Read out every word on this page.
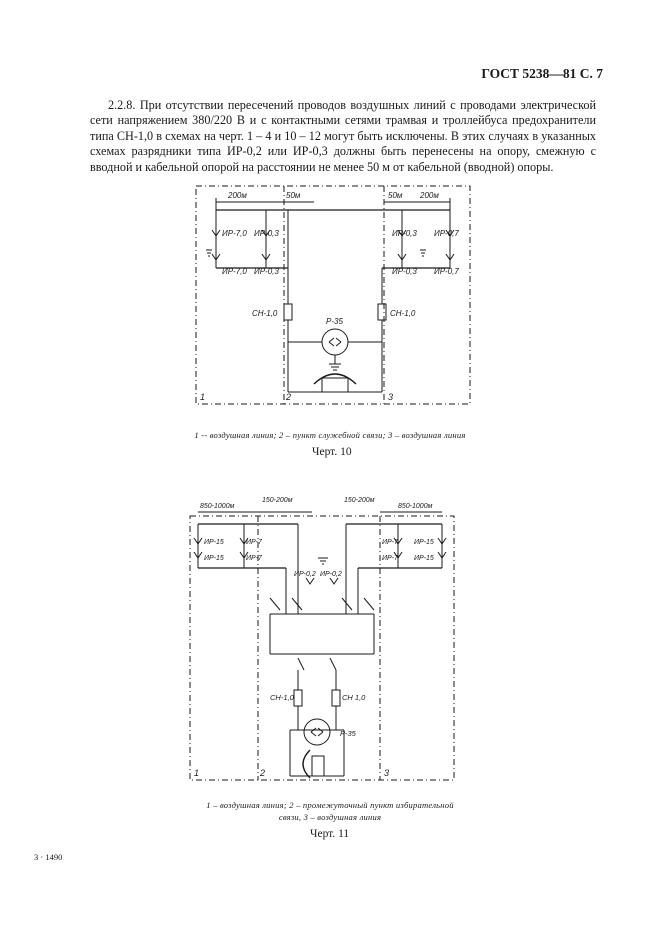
ГОСТ 5238—81 С. 7
2.2.8. При отсутствии пересечений проводов воздушных линий с проводами электрической сети напряжением 380/220 В и с контактными сетями трамвая и троллейбуса предохранители типа СН-1,0 в схемах на черт. 1 – 4 и 10 – 12 могут быть исключены. В этих случаях в указанных схемах разрядники типа ИР-0,2 или ИР-0,3 должны быть перенесены на опору, смежную с вводной и кабельной опорой на расстоянии не менее 50 м от кабельной (вводной) опоры.
200м	50м	50м 200м
ИР-7,0 ИР-0,3
ИР-7,0 ИР-0,3
ИР-0,3 ИР-0,7
ИР-0,3 ИР-0,7
СН-1,0	СН-1,0
Р-35
1	2	3
1 -- воздушная линия; 2 – пункт служебной связи; 3 – воздушная линия
Черт. 10
850-1000м
150-200м	150-200м
850-1000м
ИР-15
ИР-15
ИР-7
ИР-7
ИР-0,2 ИР-0,2
ИР-7
ИР-7
ИР-15
ИР-15
СН-1,0	СН 1,0
Р-35
1	2	3
1 – воздушная линия; 2 – промежуточный пункт избирательной
связи, 3 – воздушная линия
Черт. 11
3 · 1490
